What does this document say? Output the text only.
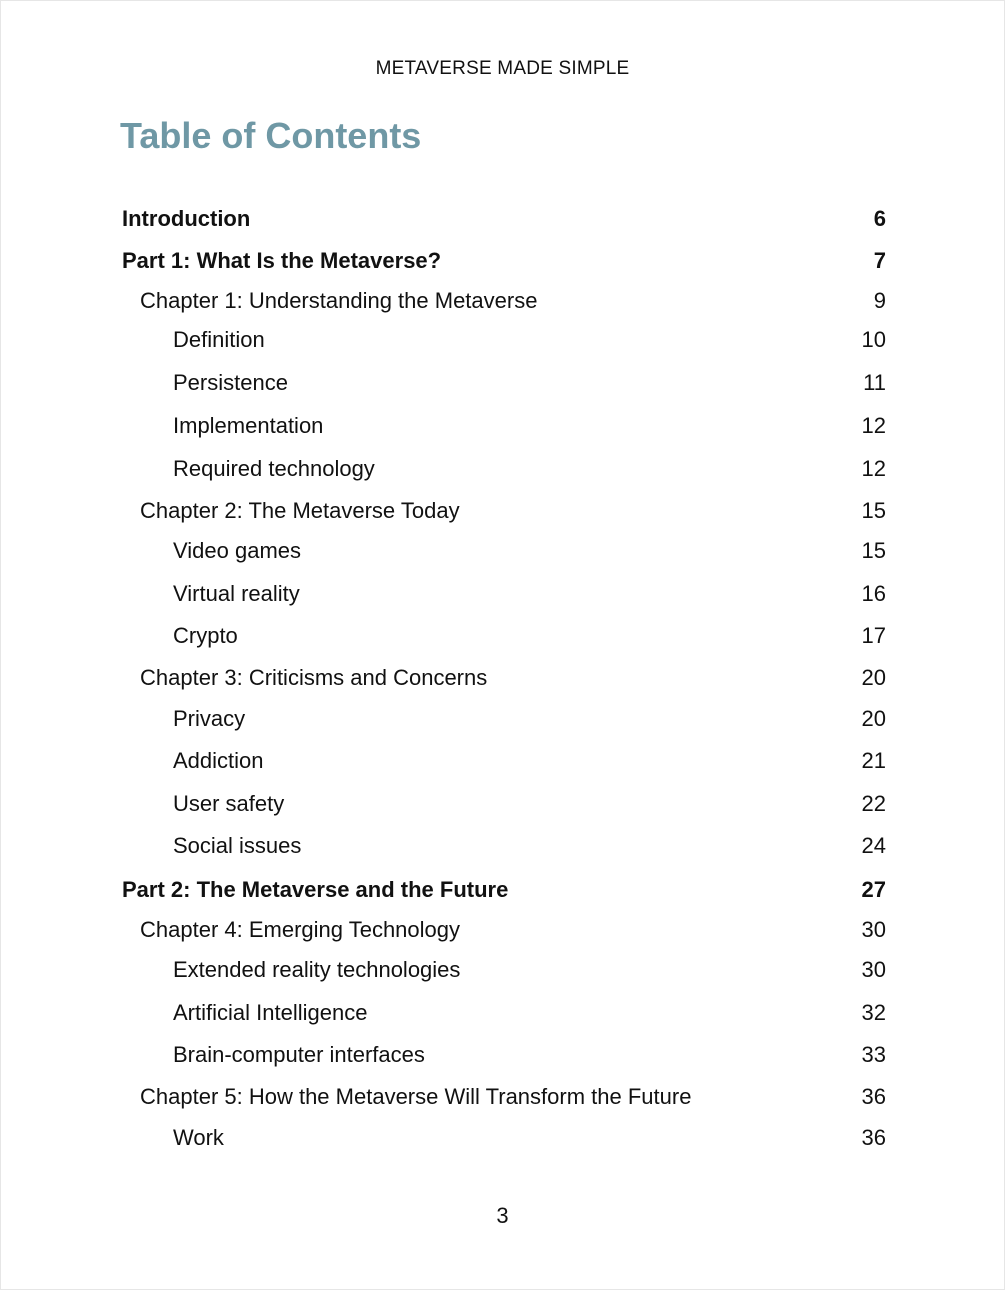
METAVERSE MADE SIMPLE
Table of Contents
Introduction	6
Part 1: What Is the Metaverse?	7
Chapter 1: Understanding the Metaverse	9
Definition	10
Persistence	11
Implementation	12
Required technology	12
Chapter 2: The Metaverse Today	15
Video games	15
Virtual reality	16
Crypto	17
Chapter 3: Criticisms and Concerns	20
Privacy	20
Addiction	21
User safety	22
Social issues	24
Part 2: The Metaverse and the Future	27
Chapter 4: Emerging Technology	30
Extended reality technologies	30
Artificial Intelligence	32
Brain-computer interfaces	33
Chapter 5: How the Metaverse Will Transform the Future	36
Work	36
3
